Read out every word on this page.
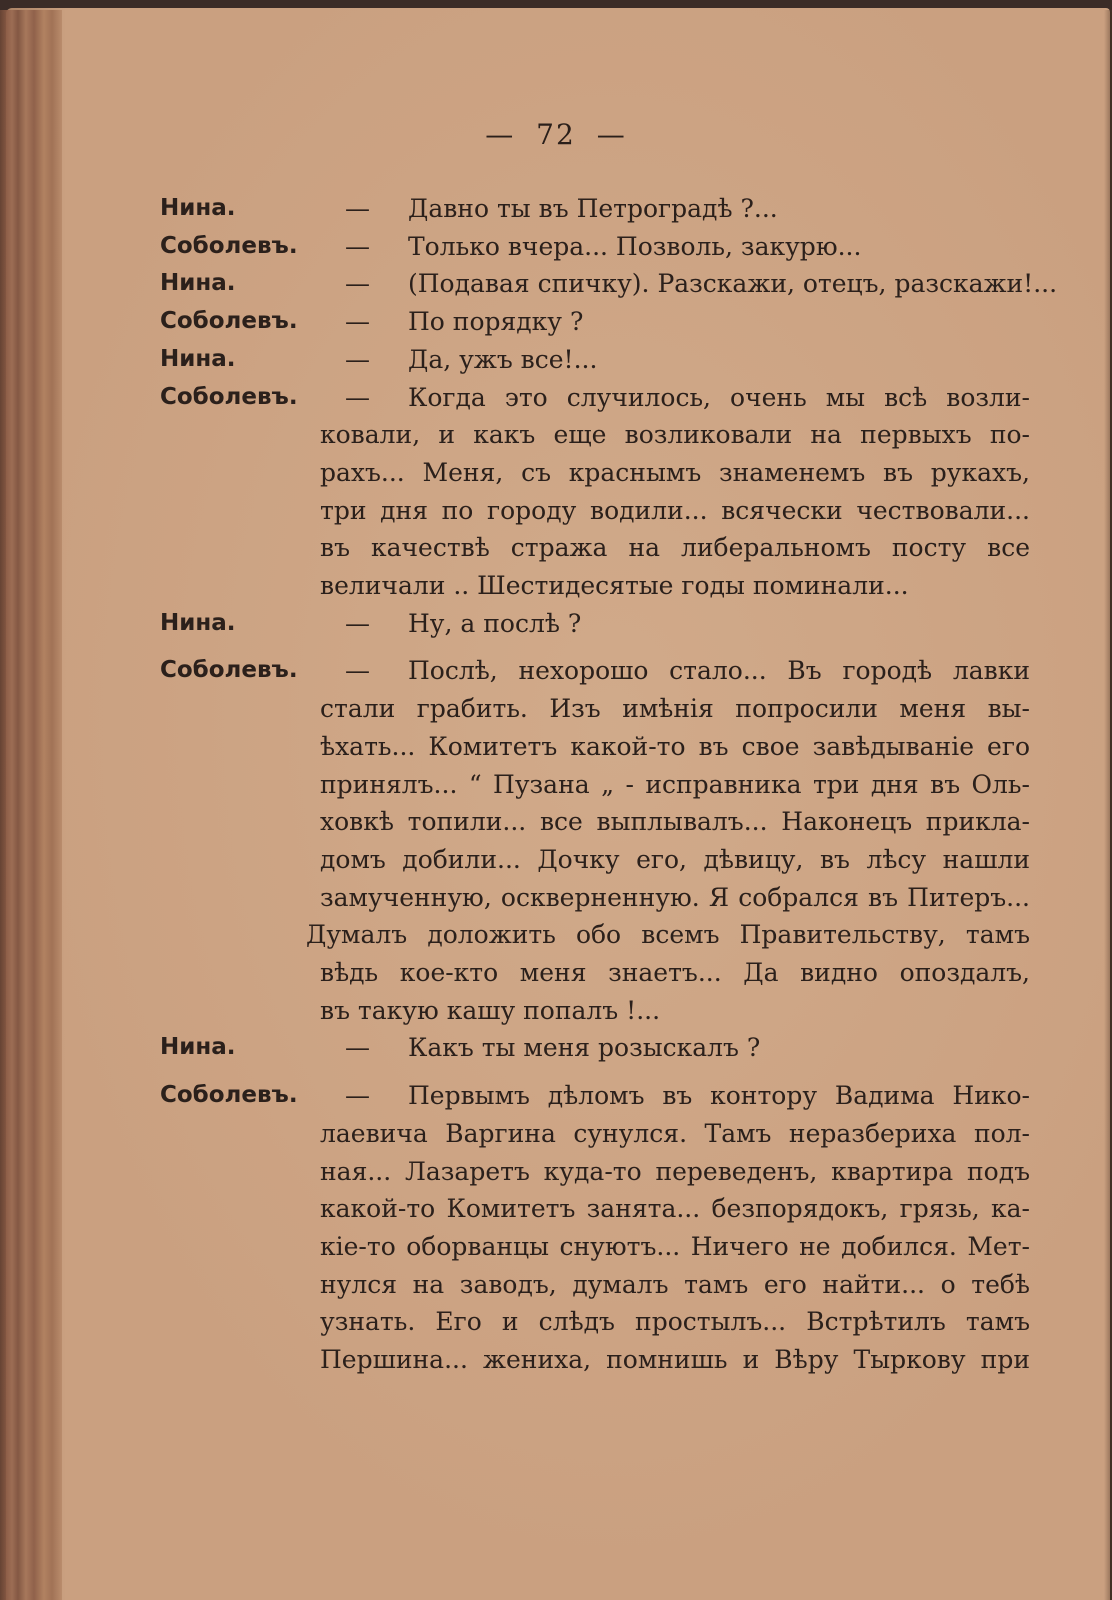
— 72 —
Нина.	—	Давно ты въ Петроградѣ ?...
Соболевъ. —	Только вчера... Позволь, закурю...
Нина.	—	(Подавая спичку). Разскажи, отецъ, разскажи!...
Соболевъ. —	По порядку ?
Нина.	—	Да, ужъ все!...
Соболевъ. —	Когда это случилось, очень мы всѣ возли-
ковали, и какъ еще возликовали на первыхъ по-
рахъ... Меня, съ краснымъ знаменемъ въ рукахъ,
три дня по городу водили... всячески чествовали...
въ качествѣ стража на либеральномъ посту все
величали .. Шестидесятые годы поминали...
Нина.	—	Ну, а послѣ ?
Соболевъ. —	Послѣ, нехорошо стало... Въ городѣ лавки
стали грабить. Изъ имѣнія попросили меня вы-
ѣхать... Комитетъ какой-то въ свое завѣдываніе его
принялъ... “ Пузана „ - исправника три дня въ Оль-
ховкѣ топили... все выплывалъ... Наконецъ прикла-
домъ добили... Дочку его, дѣвицу, въ лѣсу нашли
замученную, оскверненную. Я собрался въ Питеръ...
Думалъ доложить обо всемъ Правительству, тамъ
вѣдь кое-кто меня знаетъ... Да видно опоздалъ,
въ такую кашу попалъ !...
Нина.	—	Какъ ты меня розыскалъ ?
Соболевъ. —	Первымъ дѣломъ въ контору Вадима Нико-
лаевича Варгина сунулся. Тамъ неразбериха пол-
ная... Лазаретъ куда-то переведенъ, квартира подъ
какой-то Комитетъ занята... безпорядокъ, грязь, ка-
кіе-то оборванцы снуютъ... Ничего не добился. Мет-
нулся на заводъ, думалъ тамъ его найти... о тебѣ
узнать. Его и слѣдъ простылъ... Встрѣтилъ тамъ
Першина... жениха, помнишь и Вѣру Тыркову при
